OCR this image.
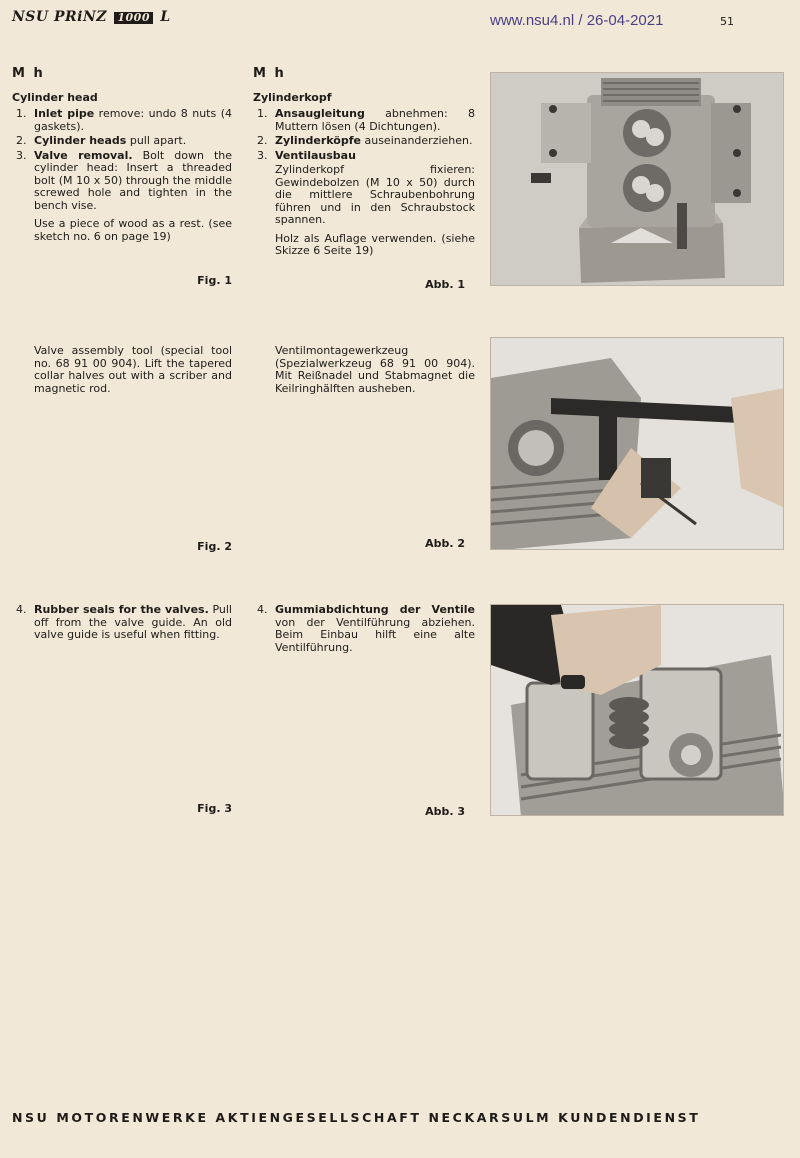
NSU PRiNZ 1000 L	www.nsu4.nl / 26-04-2021	51
M h
Cylinder head
1. Inlet pipe remove: undo 8 nuts (4 gaskets).
2. Cylinder heads pull apart.
3. Valve removal. Bolt down the cylinder head: Insert a threaded bolt (M 10 x 50) through the middle screwed hole and tighten in the bench vise.
Use a piece of wood as a rest. (see sketch no. 6 on page 19)
Fig. 1
Valve assembly tool (special tool no. 68 91 00 904). Lift the tapered collar halves out with a scriber and magnetic rod.
Fig. 2
4. Rubber seals for the valves. Pull off from the valve guide. An old valve guide is useful when fitting.
Fig. 3
M h
Zylinderkopf
1. Ansaugleitung abnehmen: 8 Muttern lösen (4 Dichtungen).
2. Zylinderköpfe auseinanderziehen.
3. Ventilausbau
Zylinderkopf fixieren: Gewindebolzen (M 10 x 50) durch die mittlere Schraubenbohrung führen und in den Schraubstock spannen.
Holz als Auflage verwenden. (siehe Skizze 6 Seite 19)
Abb. 1
Ventilmontagewerkzeug (Spezialwerkzeug 68 91 00 904). Mit Reißnadel und Stabmagnet die Keilringhälften ausheben.
Abb. 2
4. Gummiabdichtung der Ventile von der Ventilführung abziehen. Beim Einbau hilft eine alte Ventilführung.
Abb. 3
NSU MOTORENWERKE AKTIENGESELLSCHAFT NECKARSULM KUNDENDIENST
